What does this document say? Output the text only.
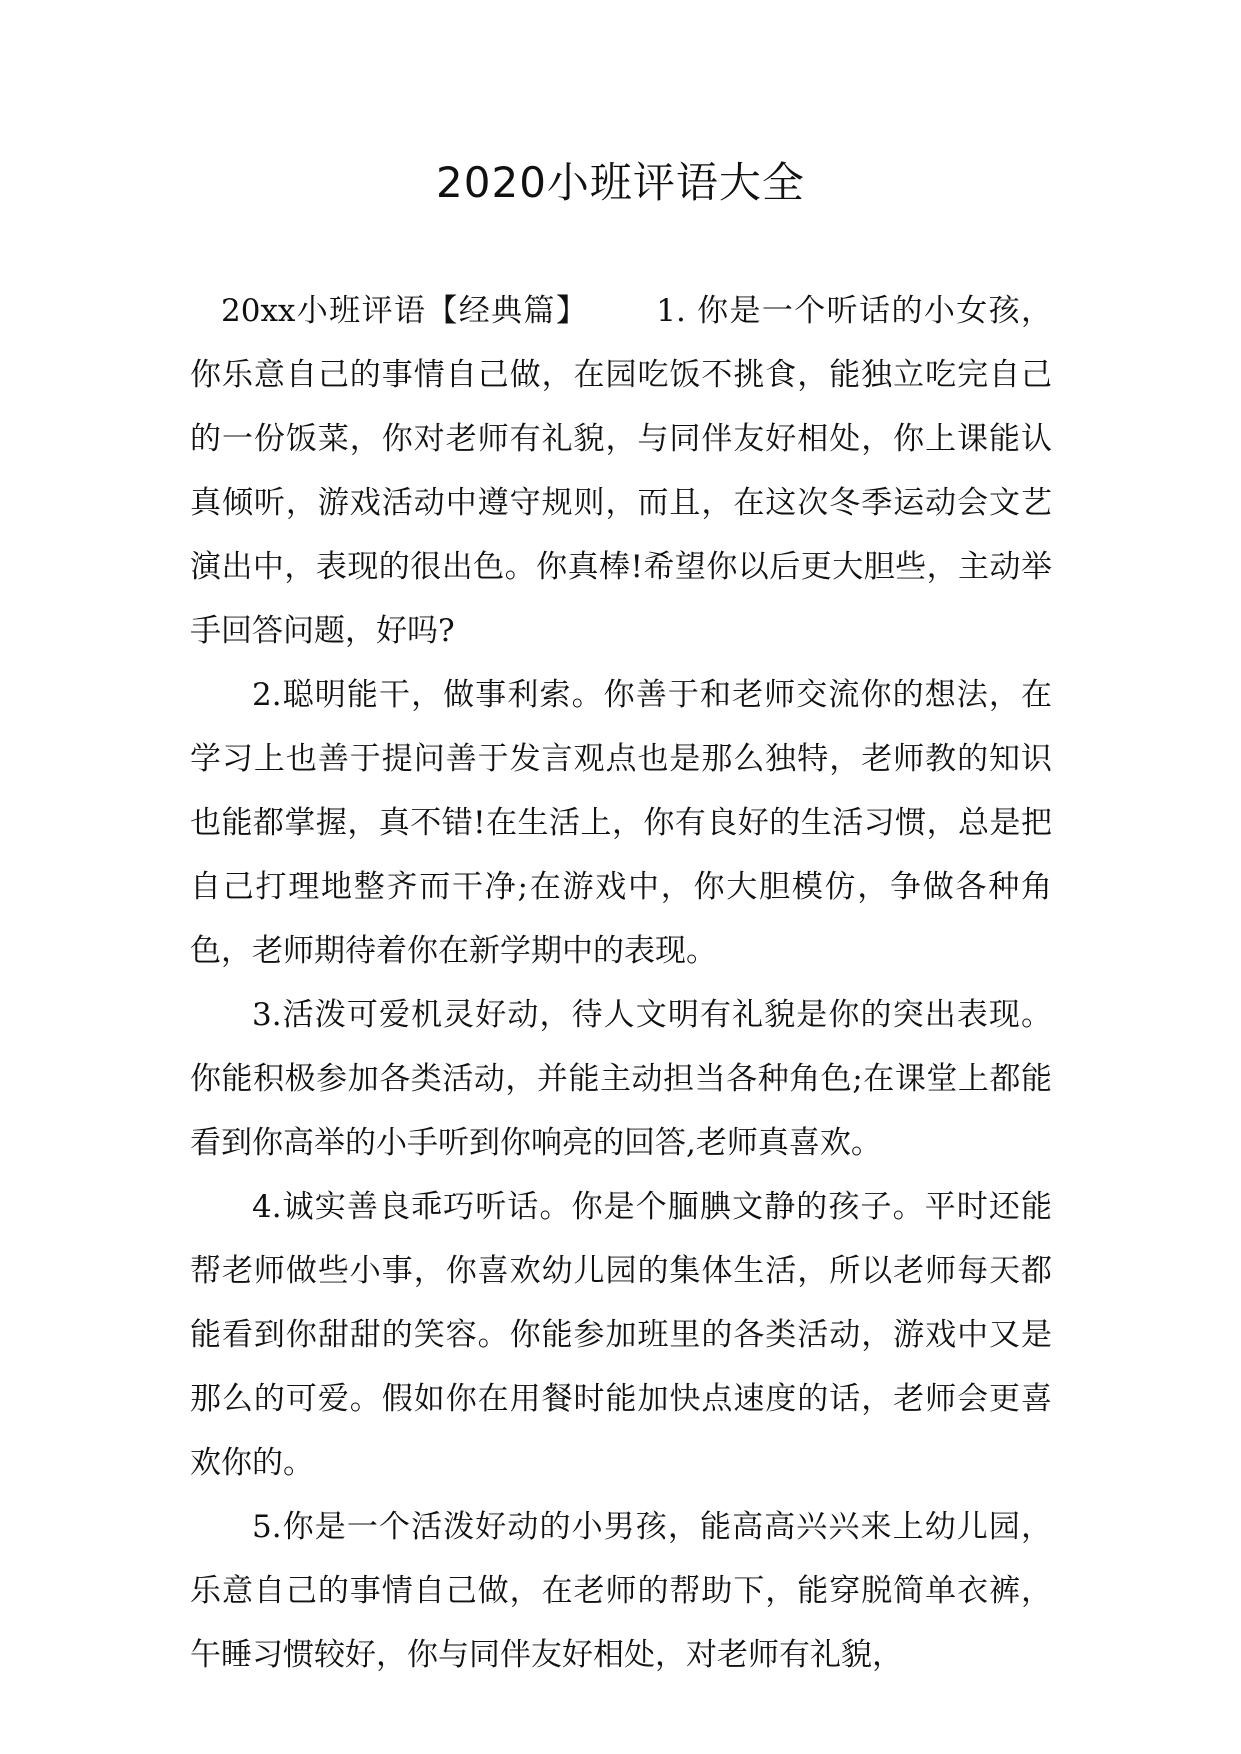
2020小班评语大全

20xx小班评语【经典篇】 1. 你是一个听话的小女孩，你乐意自己的事情自己做，在园吃饭不挑食，能独立吃完自己的一份饭菜，你对老师有礼貌，与同伴友好相处，你上课能认真倾听，游戏活动中遵守规则，而且，在这次冬季运动会文艺演出中，表现的很出色。你真棒!希望你以后更大胆些，主动举手回答问题，好吗?

2.聪明能干，做事利索。你善于和老师交流你的想法，在学习上也善于提问善于发言观点也是那么独特，老师教的知识也能都掌握，真不错!在生活上，你有良好的生活习惯，总是把自己打理地整齐而干净;在游戏中，你大胆模仿，争做各种角色，老师期待着你在新学期中的表现。

3.活泼可爱机灵好动，待人文明有礼貌是你的突出表现。你能积极参加各类活动，并能主动担当各种角色;在课堂上都能看到你高举的小手听到你响亮的回答,老师真喜欢。

4.诚实善良乖巧听话。你是个腼腆文静的孩子。平时还能帮老师做些小事，你喜欢幼儿园的集体生活，所以老师每天都能看到你甜甜的笑容。你能参加班里的各类活动，游戏中又是那么的可爱。假如你在用餐时能加快点速度的话，老师会更喜欢你的。

5.你是一个活泼好动的小男孩，能高高兴兴来上幼儿园，乐意自己的事情自己做，在老师的帮助下，能穿脱简单衣裤，午睡习惯较好，你与同伴友好相处，对老师有礼貌，
